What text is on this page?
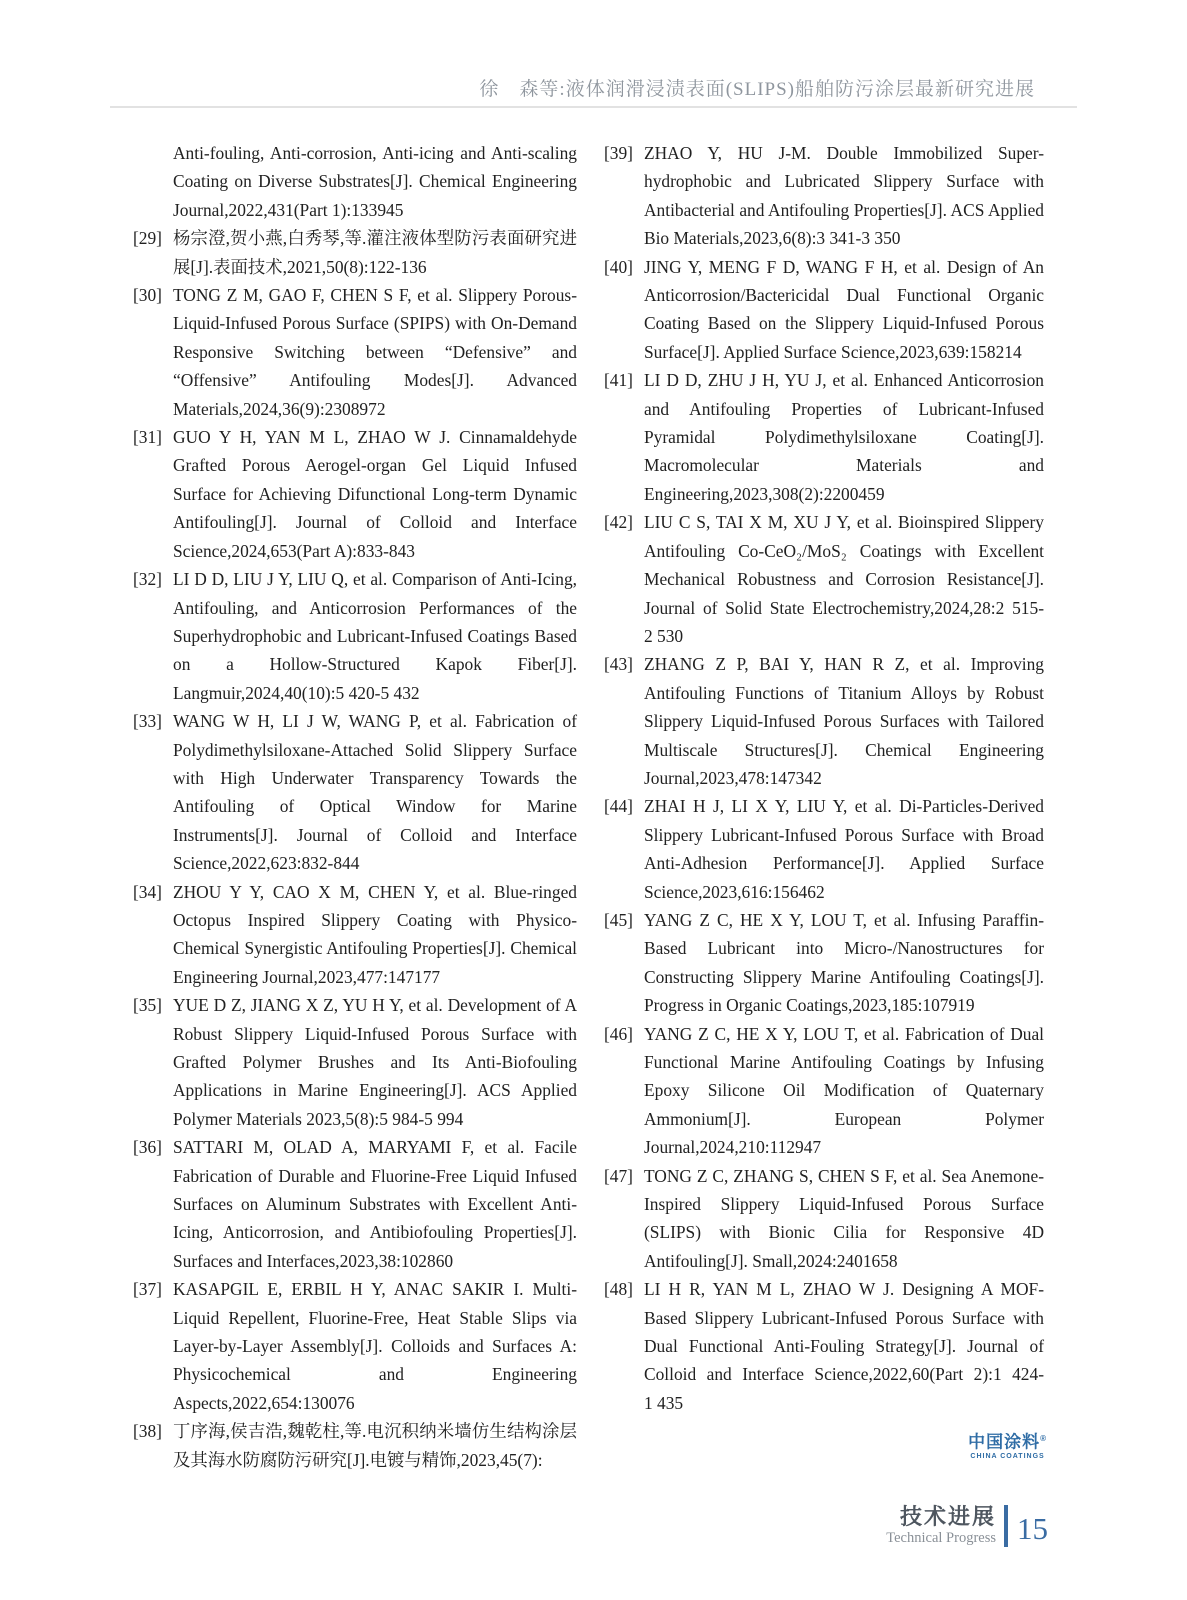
徐　森等:液体润滑浸渍表面(SLIPS)船舶防污涂层最新研究进展
Anti-fouling, Anti-corrosion, Anti-icing and Anti-scaling Coating on Diverse Substrates[J]. Chemical Engineering Journal,2022,431(Part 1):133945
[29] 杨宗澄,贺小燕,白秀琴,等.灌注液体型防污表面研究进展[J].表面技术,2021,50(8):122-136
[30] TONG Z M, GAO F, CHEN S F, et al. Slippery Porous-Liquid-Infused Porous Surface (SPIPS) with On-Demand Responsive Switching between “Defensive” and “Offensive” Antifouling Modes[J]. Advanced Materials,2024,36(9):2308972
[31] GUO Y H, YAN M L, ZHAO W J. Cinnamaldehyde Grafted Porous Aerogel-organ Gel Liquid Infused Surface for Achieving Difunctional Long-term Dynamic Antifouling[J]. Journal of Colloid and Interface Science,2024,653(Part A):833-843
[32] LI D D, LIU J Y, LIU Q, et al. Comparison of Anti-Icing, Antifouling, and Anticorrosion Performances of the Superhydrophobic and Lubricant-Infused Coatings Based on a Hollow-Structured Kapok Fiber[J]. Langmuir,2024,40(10):5 420-5 432
[33] WANG W H, LI J W, WANG P, et al. Fabrication of Polydimethylsiloxane-Attached Solid Slippery Surface with High Underwater Transparency Towards the Antifouling of Optical Window for Marine Instruments[J]. Journal of Colloid and Interface Science,2022,623:832-844
[34] ZHOU Y Y, CAO X M, CHEN Y, et al. Blue-ringed Octopus Inspired Slippery Coating with Physico-Chemical Synergistic Antifouling Properties[J]. Chemical Engineering Journal,2023,477:147177
[35] YUE D Z, JIANG X Z, YU H Y, et al. Development of A Robust Slippery Liquid-Infused Porous Surface with Grafted Polymer Brushes and Its Anti-Biofouling Applications in Marine Engineering[J]. ACS Applied Polymer Materials 2023,5(8):5 984-5 994
[36] SATTARI M, OLAD A, MARYAMI F, et al. Facile Fabrication of Durable and Fluorine-Free Liquid Infused Surfaces on Aluminum Substrates with Excellent Anti-Icing, Anticorrosion, and Antibiofouling Properties[J]. Surfaces and Interfaces,2023,38:102860
[37] KASAPGIL E, ERBIL H Y, ANAC SAKIR I. Multi-Liquid Repellent, Fluorine-Free, Heat Stable Slips via Layer-by-Layer Assembly[J]. Colloids and Surfaces A: Physicochemical and Engineering Aspects,2022,654:130076
[38] 丁序海,侯吉浩,魏乾柱,等.电沉积纳米墙仿生结构涂层及其海水防腐防污研究[J].电镀与精饰,2023,45(7):
[39] ZHAO Y, HU J-M. Double Immobilized Super-hydrophobic and Lubricated Slippery Surface with Antibacterial and Antifouling Properties[J]. ACS Applied Bio Materials,2023,6(8):3 341-3 350
[40] JING Y, MENG F D, WANG F H, et al. Design of An Anticorrosion/Bactericidal Dual Functional Organic Coating Based on the Slippery Liquid-Infused Porous Surface[J]. Applied Surface Science,2023,639:158214
[41] LI D D, ZHU J H, YU J, et al. Enhanced Anticorrosion and Antifouling Properties of Lubricant-Infused Pyramidal Polydimethylsiloxane Coating[J]. Macromolecular Materials and Engineering,2023,308(2):2200459
[42] LIU C S, TAI X M, XU J Y, et al. Bioinspired Slippery Antifouling Co-CeO₂/MoS₂ Coatings with Excellent Mechanical Robustness and Corrosion Resistance[J]. Journal of Solid State Electrochemistry,2024,28:2 515-2 530
[43] ZHANG Z P, BAI Y, HAN R Z, et al. Improving Antifouling Functions of Titanium Alloys by Robust Slippery Liquid-Infused Porous Surfaces with Tailored Multiscale Structures[J]. Chemical Engineering Journal,2023,478:147342
[44] ZHAI H J, LI X Y, LIU Y, et al. Di-Particles-Derived Slippery Lubricant-Infused Porous Surface with Broad Anti-Adhesion Performance[J]. Applied Surface Science,2023,616:156462
[45] YANG Z C, HE X Y, LOU T, et al. Infusing Paraffin-Based Lubricant into Micro-/Nanostructures for Constructing Slippery Marine Antifouling Coatings[J]. Progress in Organic Coatings,2023,185:107919
[46] YANG Z C, HE X Y, LOU T, et al. Fabrication of Dual Functional Marine Antifouling Coatings by Infusing Epoxy Silicone Oil Modification of Quaternary Ammonium[J]. European Polymer Journal,2024,210:112947
[47] TONG Z C, ZHANG S, CHEN S F, et al. Sea Anemone-Inspired Slippery Liquid-Infused Porous Surface (SLIPS) with Bionic Cilia for Responsive 4D Antifouling[J]. Small,2024:2401658
[48] LI H R, YAN M L, ZHAO W J. Designing A MOF-Based Slippery Lubricant-Infused Porous Surface with Dual Functional Anti-Fouling Strategy[J]. Journal of Colloid and Interface Science,2022,60(Part 2):1 424-1 435
中国涂料®
CHINA COATINGS
技术进展
Technical Progress 15
